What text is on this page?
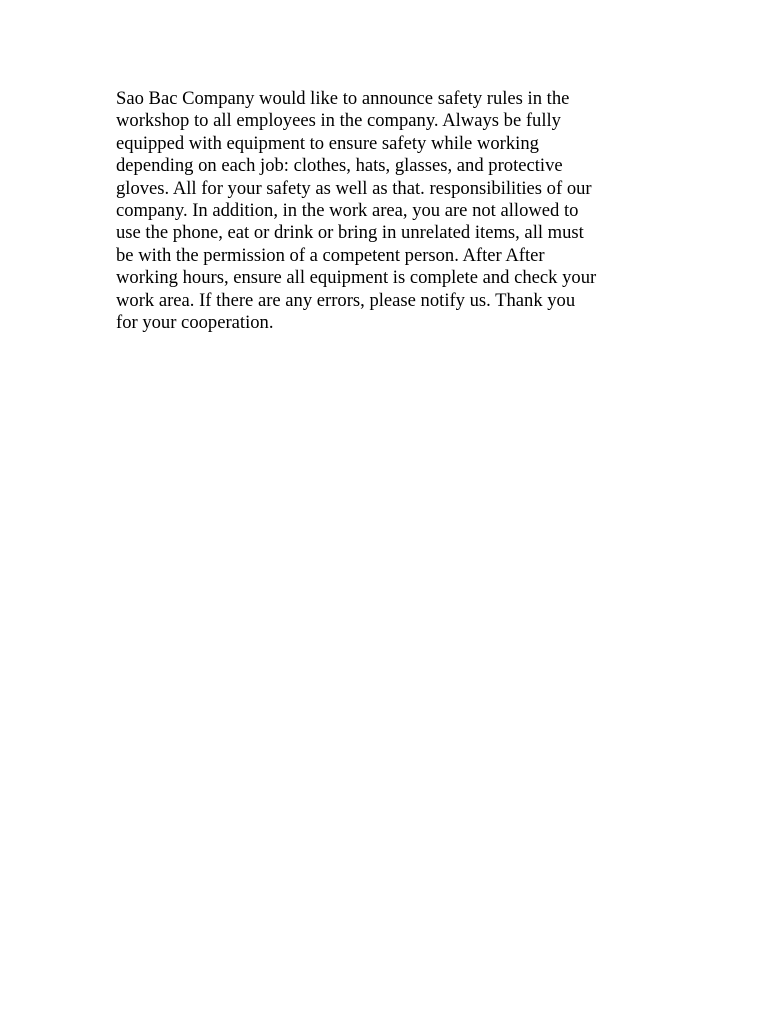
Sao Bac Company would like to announce safety rules in the
workshop to all employees in the company. Always be fully
equipped with equipment to ensure safety while working
depending on each job: clothes, hats, glasses, and protective
gloves. All for your safety as well as that. responsibilities of our
company. In addition, in the work area, you are not allowed to
use the phone, eat or drink or bring in unrelated items, all must
be with the permission of a competent person. After After
working hours, ensure all equipment is complete and check your
work area. If there are any errors, please notify us. Thank you
for your cooperation.
